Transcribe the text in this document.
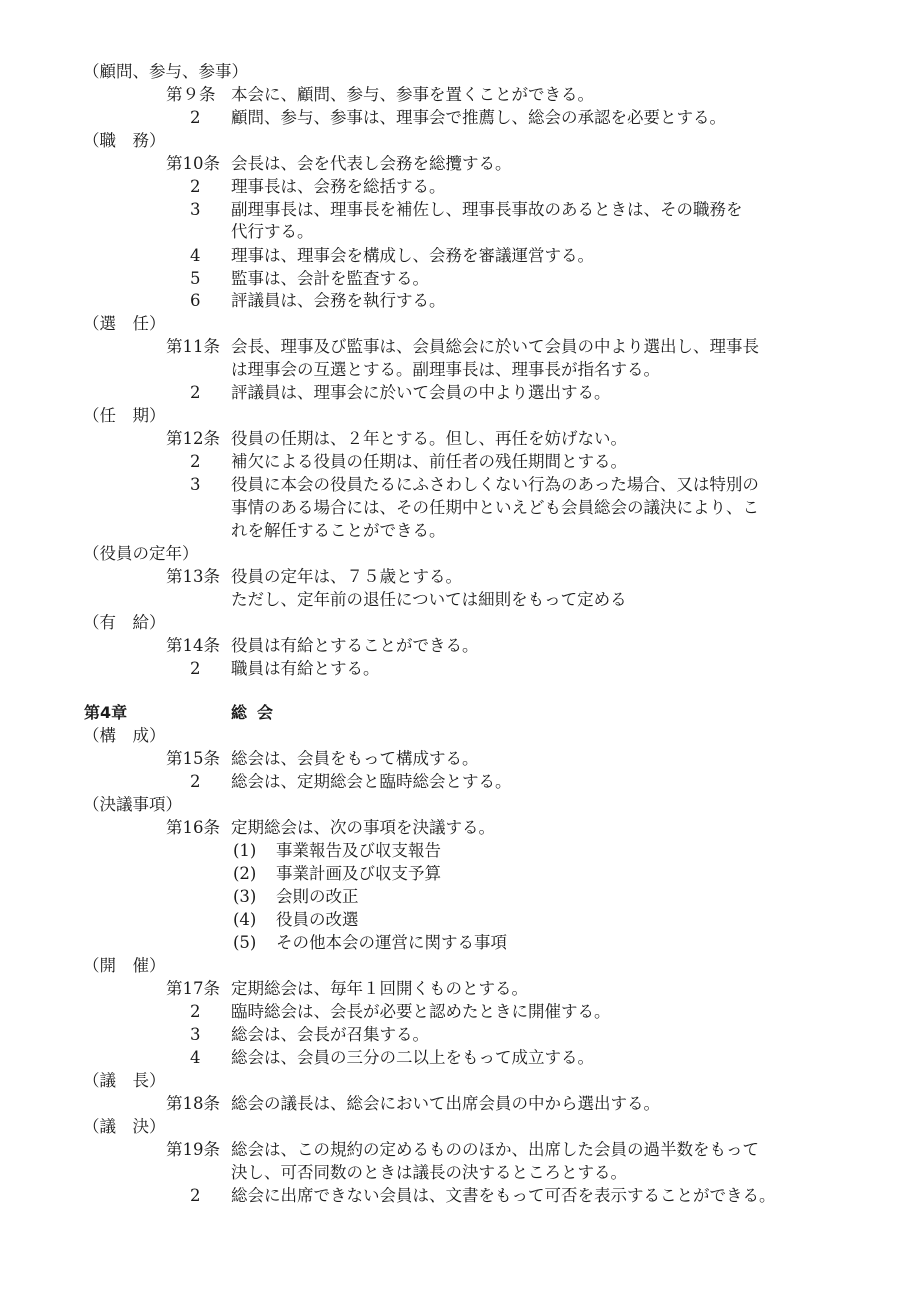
（顧問、参与、参事）
第９条 本会に、顧問、参与、参事を置くことができる。
2 顧問、参与、参事は、理事会で推薦し、総会の承認を必要とする。
（職　務）
第10条 会長は、会を代表し会務を総攬する。
2 理事長は、会務を総括する。
3 副理事長は、理事長を補佐し、理事長事故のあるときは、その職務を
代行する。
4 理事は、理事会を構成し、会務を審議運営する。
5 監事は、会計を監査する。
6 評議員は、会務を執行する。
（選　任）
第11条 会長、理事及び監事は、会員総会に於いて会員の中より選出し、理事長
は理事会の互選とする。副理事長は、理事長が指名する。
2 評議員は、理事会に於いて会員の中より選出する。
（任　期）
第12条 役員の任期は、２年とする。但し、再任を妨げない。
2 補欠による役員の任期は、前任者の残任期間とする。
3 役員に本会の役員たるにふさわしくない行為のあった場合、又は特別の
事情のある場合には、その任期中といえども会員総会の議決により、こ
れを解任することができる。
（役員の定年）
第13条 役員の定年は、７５歳とする。
ただし、定年前の退任については細則をもって定める
（有　給）
第14条 役員は有給とすることができる。
2 職員は有給とする。
第4章	総会
（構　成）
第15条 総会は、会員をもって構成する。
2 総会は、定期総会と臨時総会とする。
（決議事項）
第16条 定期総会は、次の事項を決議する。
(1) 事業報告及び収支報告
(2) 事業計画及び収支予算
(3) 会則の改正
(4) 役員の改選
(5) その他本会の運営に関する事項
（開　催）
第17条 定期総会は、毎年１回開くものとする。
2 臨時総会は、会長が必要と認めたときに開催する。
3 総会は、会長が召集する。
4 総会は、会員の三分の二以上をもって成立する。
（議　長）
第18条 総会の議長は、総会において出席会員の中から選出する。
（議　決）
第19条 総会は、この規約の定めるもののほか、出席した会員の過半数をもって
決し、可否同数のときは議長の決するところとする。
2 総会に出席できない会員は、文書をもって可否を表示することができる。
